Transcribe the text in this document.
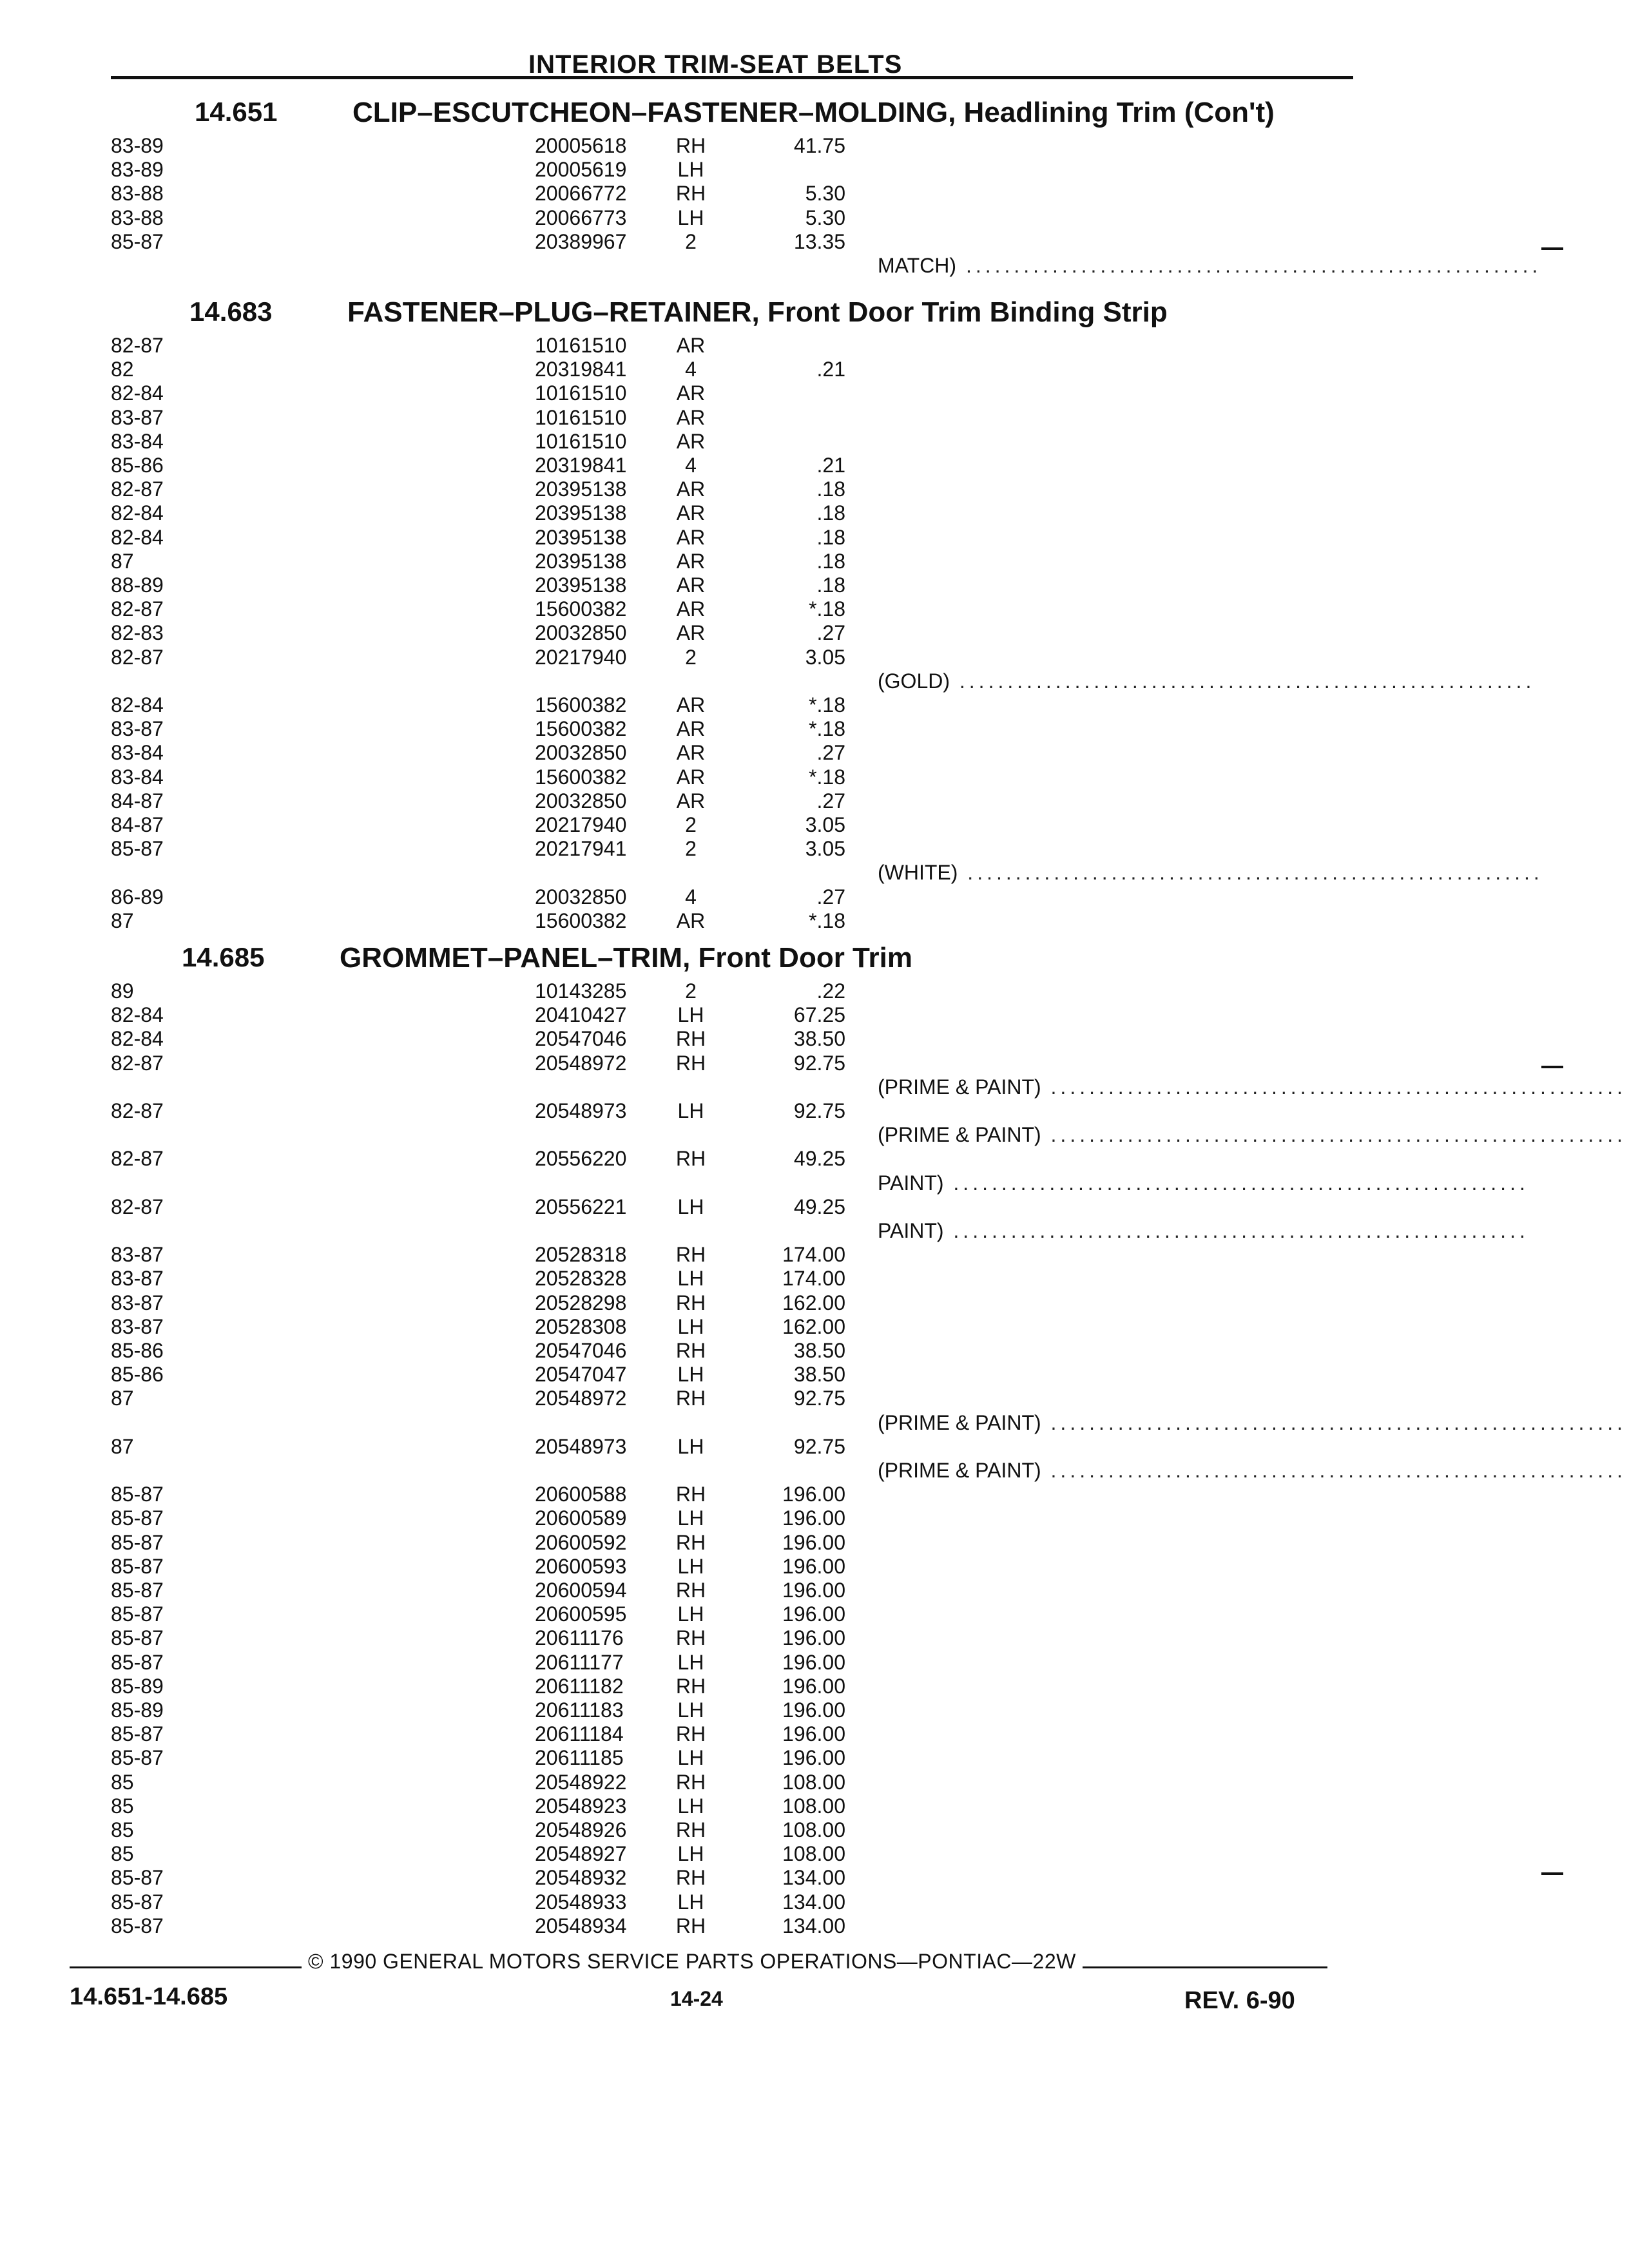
INTERIOR TRIM-SEAT BELTS
14.651	CLIP–ESCUTCHEON–FASTENER–MOLDING, Headlining Trim (Con't)
83-89	20005618	RH	41.75
83-89	20005619	LH
83-88	20066772	RH	5.30
83-88	20066773	LH	5.30
85-87	20389967	2	13.35
MATCH) ............................................................
14.683	FASTENER–PLUG–RETAINER, Front Door Trim Binding Strip
82-87	10161510	AR
82	20319841	4	.21
82-84	10161510	AR
83-87	10161510	AR
83-84	10161510	AR
85-86	20319841	4	.21
82-87	20395138	AR	.18
82-84	20395138	AR	.18
82-84	20395138	AR	.18
87	20395138	AR	.18
88-89	20395138	AR	.18
82-87	15600382	AR	*.18
82-83	20032850	AR	.27
82-87	20217940	2	3.05
(GOLD) ............................................................
82-84	15600382	AR	*.18
83-87	15600382	AR	*.18
83-84	20032850	AR	.27
83-84	15600382	AR	*.18
84-87	20032850	AR	.27
84-87	20217940	2	3.05
85-87	20217941	2	3.05
(WHITE) ............................................................
86-89	20032850	4	.27
87	15600382	AR	*.18
14.685	GROMMET–PANEL–TRIM, Front Door Trim
89	10143285	2	.22
82-84	20410427	LH	67.25
82-84	20547046	RH	38.50
82-87	20548972	RH	92.75
(PRIME & PAINT) ............................................................
82-87	20548973	LH	92.75
(PRIME & PAINT) ............................................................
82-87	20556220	RH	49.25
PAINT) ............................................................
82-87	20556221	LH	49.25
PAINT) ............................................................
83-87	20528318	RH	174.00
83-87	20528328	LH	174.00
83-87	20528298	RH	162.00
83-87	20528308	LH	162.00
85-86	20547046	RH	38.50
85-86	20547047	LH	38.50
87	20548972	RH	92.75
(PRIME & PAINT) ............................................................
87	20548973	LH	92.75
(PRIME & PAINT) ............................................................
85-87	20600588	RH	196.00
85-87	20600589	LH	196.00
85-87	20600592	RH	196.00
85-87	20600593	LH	196.00
85-87	20600594	RH	196.00
85-87	20600595	LH	196.00
85-87	20611176	RH	196.00
85-87	20611177	LH	196.00
85-89	20611182	RH	196.00
85-89	20611183	LH	196.00
85-87	20611184	RH	196.00
85-87	20611185	LH	196.00
85	20548922	RH	108.00
85	20548923	LH	108.00
85	20548926	RH	108.00
85	20548927	LH	108.00
85-87	20548932	RH	134.00
85-87	20548933	LH	134.00
85-87	20548934	RH	134.00
© 1990 GENERAL MOTORS SERVICE PARTS OPERATIONS—PONTIAC—22W
14.651-14.685	14-24	REV. 6-90
